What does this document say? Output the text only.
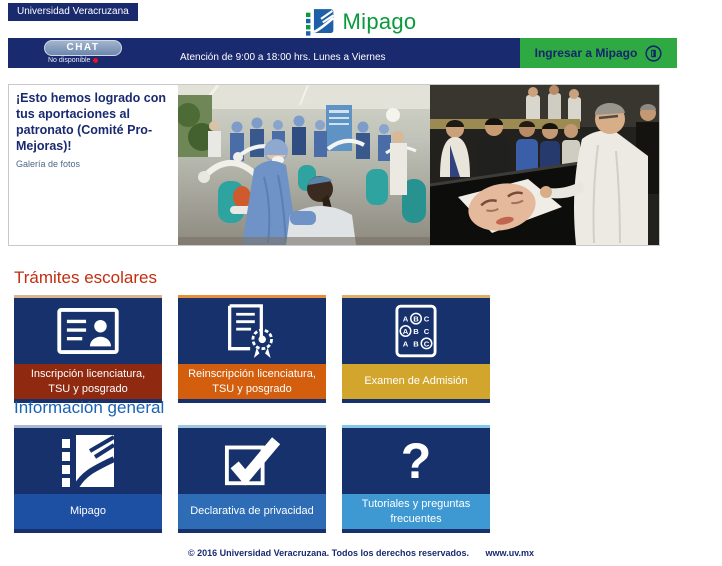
Universidad Veracruzana	Mipago
CHAT
No disponible	Atención de 9:00 a 18:00 hrs. Lunes a Viernes	Ingresar a Mipago
¡Esto hemos logrado con tus aportaciones al patronato (Comité Pro-Mejoras)!
Galería de fotos
Trámites escolares
Inscripción licenciatura, TSU y posgrado
Reinscripción licenciatura, TSU y posgrado
A B C
A B C
A B C
Examen de Admisión
Información general
Mipago	Declarativa de privacidad
?
Tutoriales y preguntas frecuentes
© 2016 Universidad Veracruzana. Todos los derechos reservados. www.uv.mx
